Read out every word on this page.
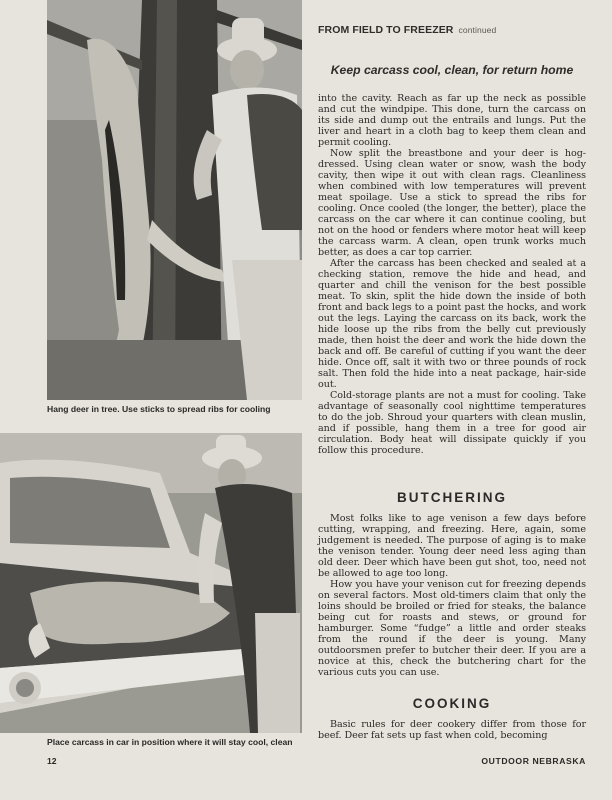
Hang deer in tree. Use sticks to spread ribs for cooling
Place carcass in car in position where it will stay cool, clean
FROM FIELD TO FREEZER continued
Keep carcass cool, clean, for return home

into the cavity. Reach as far up the neck as possible and cut the windpipe. This done, turn the carcass on its side and dump out the entrails and lungs. Put the liver and heart in a cloth bag to keep them clean and permit cooling.

Now split the breastbone and your deer is hog-dressed. Using clean water or snow, wash the body cavity, then wipe it out with clean rags. Cleanliness when combined with low temperatures will prevent meat spoilage. Use a stick to spread the ribs for cooling. Once cooled (the longer, the better), place the carcass on the car where it can continue cooling, but not on the hood or fenders where motor heat will keep the carcass warm. A clean, open trunk works much better, as does a car top carrier.

After the carcass has been checked and sealed at a checking station, remove the hide and head, and quarter and chill the venison for the best possible meat. To skin, split the hide down the inside of both front and back legs to a point past the hocks, and work out the legs. Laying the carcass on its back, work the hide loose up the ribs from the belly cut previously made, then hoist the deer and work the hide down the back and off. Be careful of cutting if you want the deer hide. Once off, salt it with two or three pounds of rock salt. Then fold the hide into a neat package, hair-side out.

Cold-storage plants are not a must for cooling. Take advantage of seasonally cool nighttime temperatures to do the job. Shroud your quarters with clean muslin, and if possible, hang them in a tree for good air circulation. Body heat will dissipate quickly if you follow this procedure.

BUTCHERING

Most folks like to age venison a few days before cutting, wrapping, and freezing. Here, again, some judgement is needed. The purpose of aging is to make the venison tender. Young deer need less aging than old deer. Deer which have been gut shot, too, need not be allowed to age too long.

How you have your venison cut for freezing depends on several factors. Most old-timers claim that only the loins should be broiled or fried for steaks, the balance being cut for roasts and stews, or ground for hamburger. Some “fudge” a little and order steaks from the round if the deer is young. Many outdoorsmen prefer to butcher their deer. If you are a novice at this, check the butchering chart for the various cuts you can use.

COOKING

Basic rules for deer cookery differ from those for beef. Deer fat sets up fast when cold, becoming

12	OUTDOOR NEBRASKA
